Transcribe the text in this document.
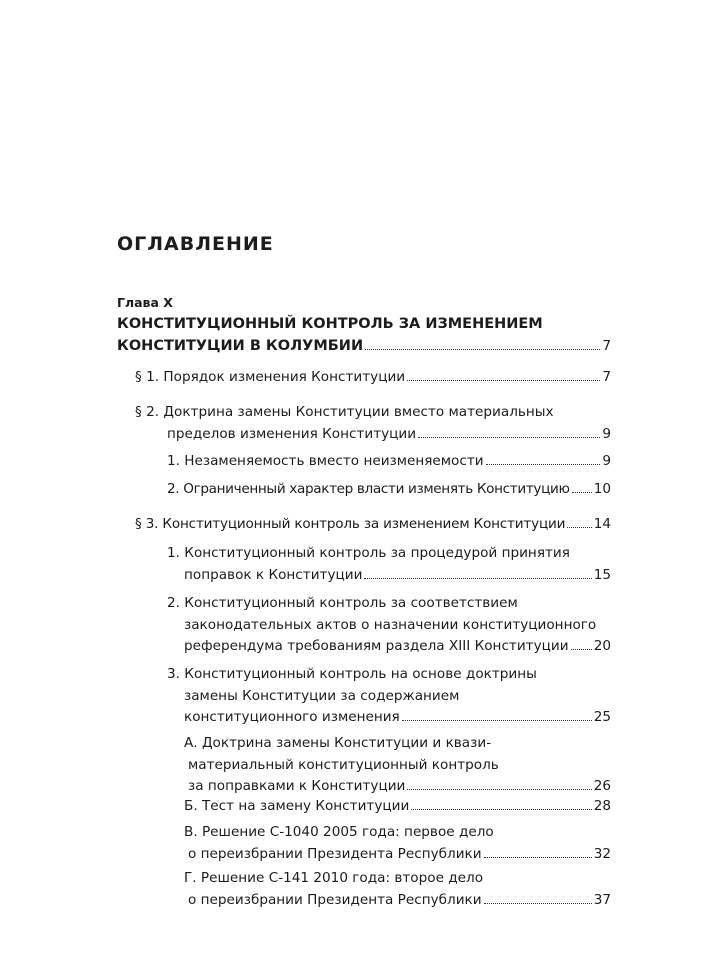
ОГЛАВЛЕНИЕ
Глава X
КОНСТИТУЦИОННЫЙ КОНТРОЛЬ ЗА ИЗМЕНЕНИЕМ
КОНСТИТУЦИИ В КОЛУМБИИ	7
§ 1. Порядок изменения Конституции	7
§ 2. Доктрина замены Конституции вместо материальных
пределов изменения Конституции	9
1. Незаменяемость вместо неизменяемости	9
2. Ограниченный характер власти изменять Конституцию 10
§ 3. Конституционный контроль за изменением Конституции 14
1. Конституционный контроль за процедурой принятия
поправок к Конституции	15
2. Конституционный контроль за соответствием
законодательных актов о назначении конституционного
референдума требованиям раздела XIII Конституции 20
3. Конституционный контроль на основе доктрины
замены Конституции за содержанием
конституционного изменения	25
А. Доктрина замены Конституции и квази-
материальный конституционный контроль
за поправками к Конституции	26
Б. Тест на замену Конституции	28
В. Решение С-1040 2005 года: первое дело
о переизбрании Президента Республики	32
Г. Решение С-141 2010 года: второе дело
о переизбрании Президента Республики	37
